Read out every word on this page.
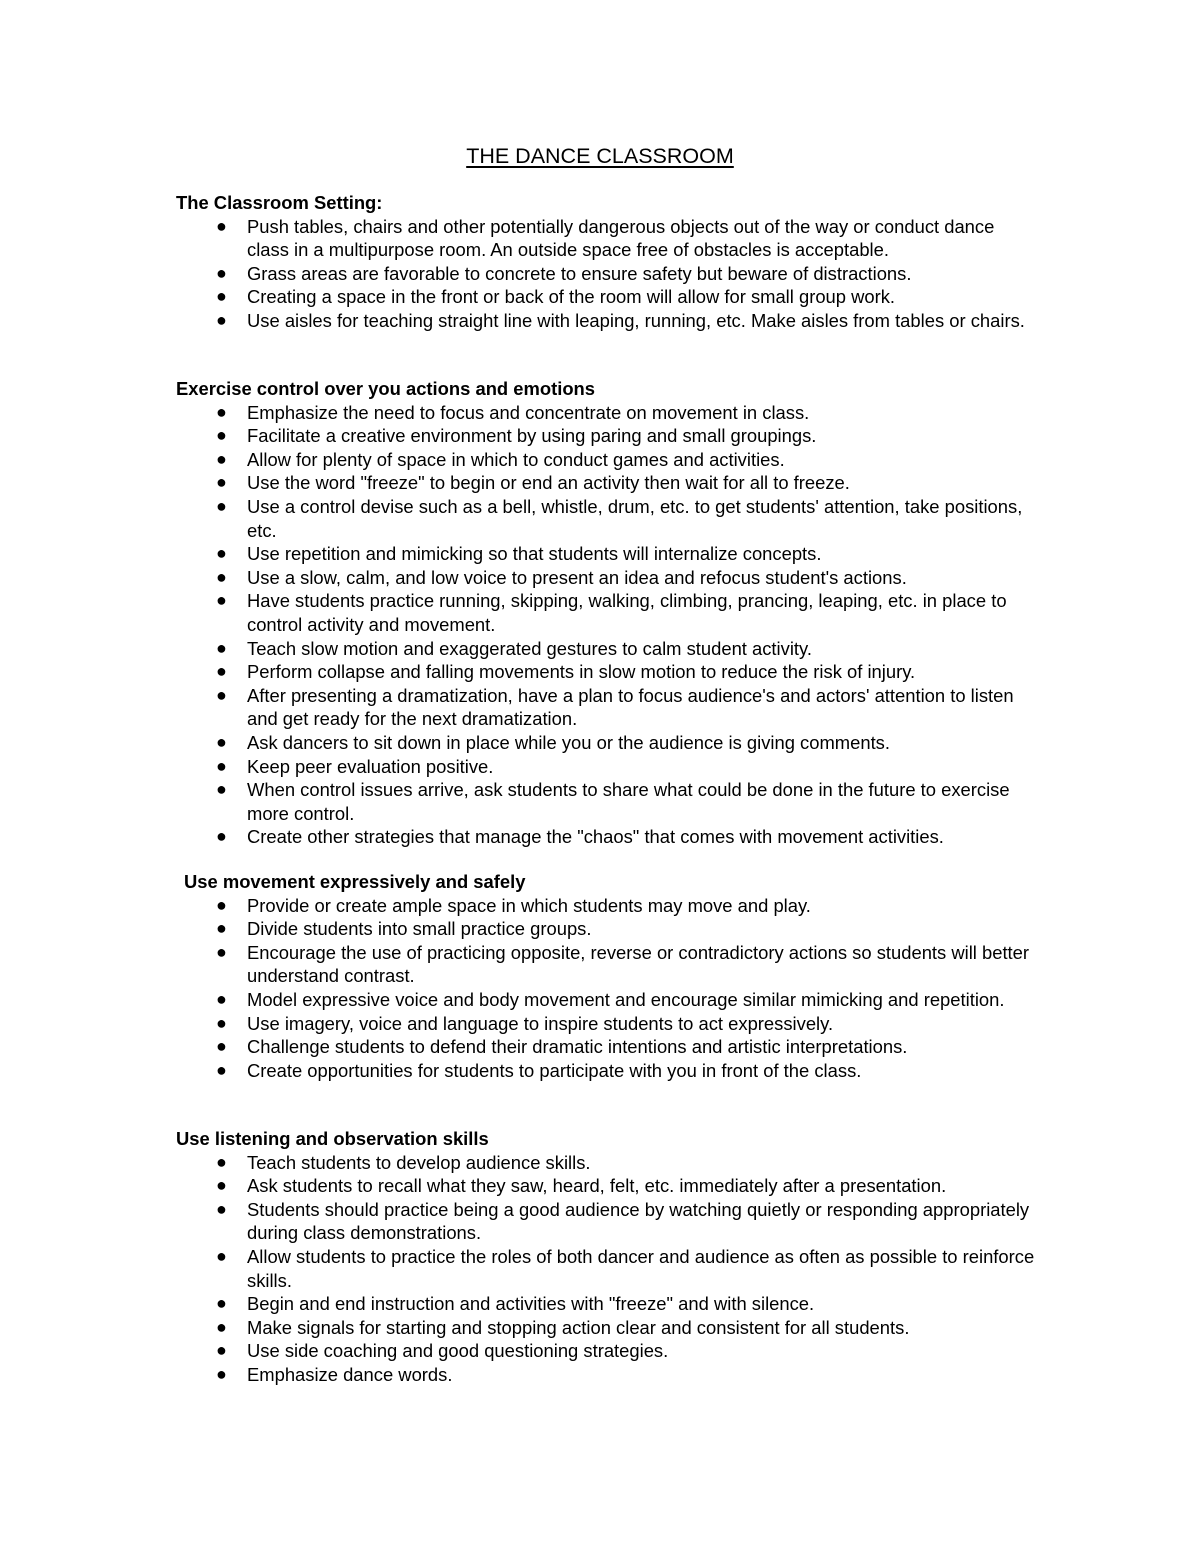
THE DANCE CLASSROOM
The Classroom Setting:
● Push tables, chairs and other potentially dangerous objects out of the way or conduct dance class in a multipurpose room. An outside space free of obstacles is acceptable.
● Grass areas are favorable to concrete to ensure safety but beware of distractions.
● Creating a space in the front or back of the room will allow for small group work.
● Use aisles for teaching straight line with leaping, running, etc. Make aisles from tables or chairs.
Exercise control over you actions and emotions
● Emphasize the need to focus and concentrate on movement in class.
● Facilitate a creative environment by using paring and small groupings.
● Allow for plenty of space in which to conduct games and activities.
● Use the word "freeze" to begin or end an activity then wait for all to freeze.
● Use a control devise such as a bell, whistle, drum, etc. to get students' attention, take positions, etc.
● Use repetition and mimicking so that students will internalize concepts.
● Use a slow, calm, and low voice to present an idea and refocus student's actions.
● Have students practice running, skipping, walking, climbing, prancing, leaping, etc. in place to control activity and movement.
● Teach slow motion and exaggerated gestures to calm student activity.
● Perform collapse and falling movements in slow motion to reduce the risk of injury.
● After presenting a dramatization, have a plan to focus audience's and actors' attention to listen and get ready for the next dramatization.
● Ask dancers to sit down in place while you or the audience is giving comments.
● Keep peer evaluation positive.
● When control issues arrive, ask students to share what could be done in the future to exercise more control.
● Create other strategies that manage the "chaos" that comes with movement activities.
Use movement expressively and safely
● Provide or create ample space in which students may move and play.
● Divide students into small practice groups.
● Encourage the use of practicing opposite, reverse or contradictory actions so students will better understand contrast.
● Model expressive voice and body movement and encourage similar mimicking and repetition.
● Use imagery, voice and language to inspire students to act expressively.
● Challenge students to defend their dramatic intentions and artistic interpretations.
● Create opportunities for students to participate with you in front of the class.
Use listening and observation skills
● Teach students to develop audience skills.
● Ask students to recall what they saw, heard, felt, etc. immediately after a presentation.
● Students should practice being a good audience by watching quietly or responding appropriately during class demonstrations.
● Allow students to practice the roles of both dancer and audience as often as possible to reinforce skills.
● Begin and end instruction and activities with "freeze" and with silence.
● Make signals for starting and stopping action clear and consistent for all students.
● Use side coaching and good questioning strategies.
● Emphasize dance words.
